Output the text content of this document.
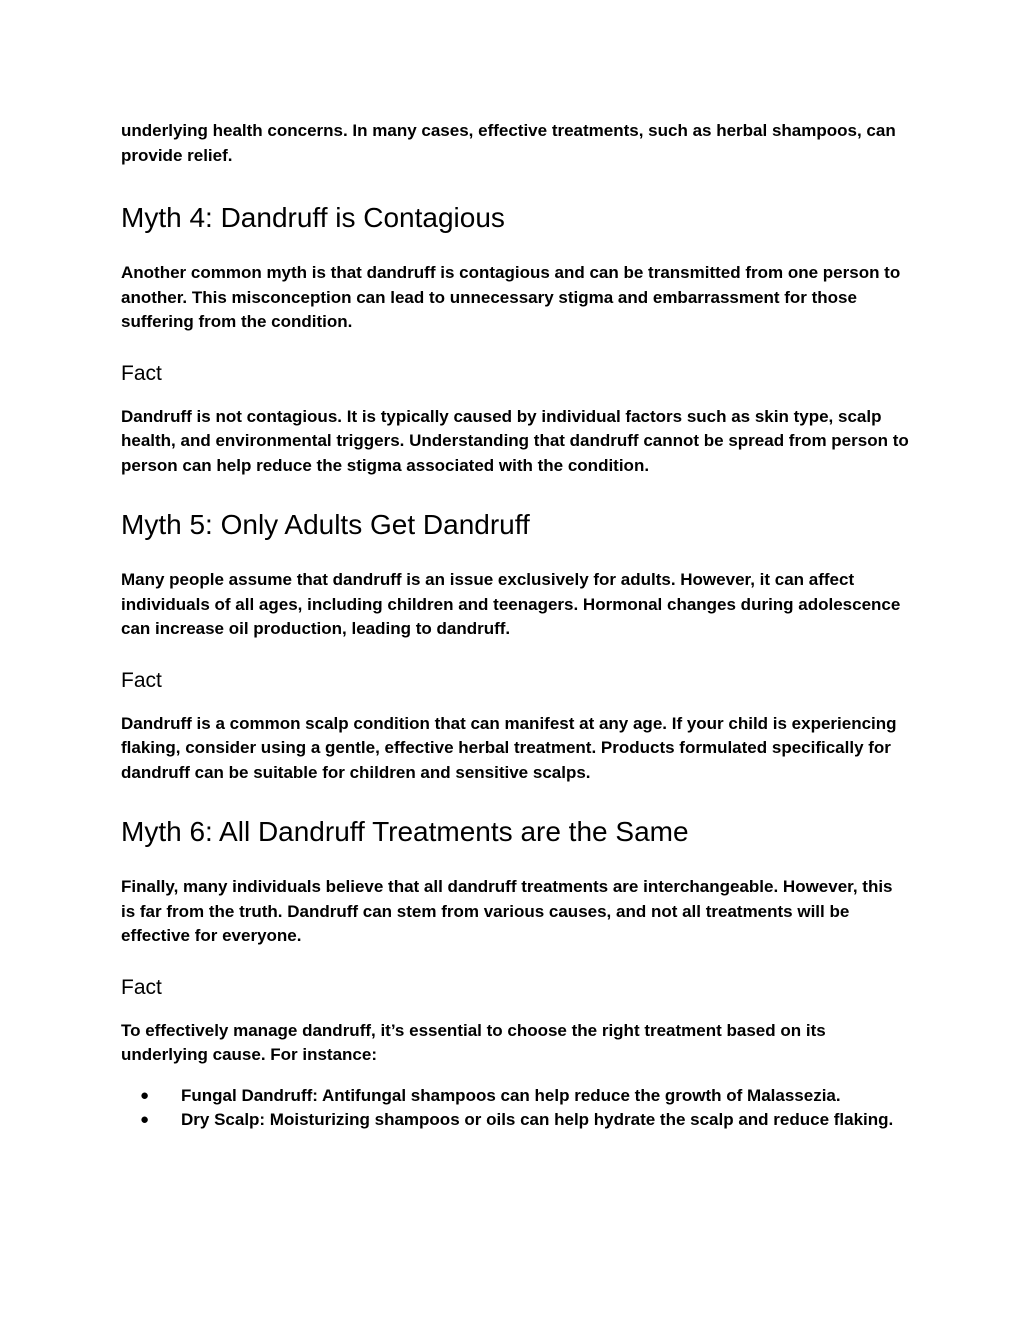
underlying health concerns. In many cases, effective treatments, such as herbal shampoos, can provide relief.

Myth 4: Dandruff is Contagious

Another common myth is that dandruff is contagious and can be transmitted from one person to another. This misconception can lead to unnecessary stigma and embarrassment for those suffering from the condition.

Fact

Dandruff is not contagious. It is typically caused by individual factors such as skin type, scalp health, and environmental triggers. Understanding that dandruff cannot be spread from person to person can help reduce the stigma associated with the condition.

Myth 5: Only Adults Get Dandruff

Many people assume that dandruff is an issue exclusively for adults. However, it can affect individuals of all ages, including children and teenagers. Hormonal changes during adolescence can increase oil production, leading to dandruff.

Fact

Dandruff is a common scalp condition that can manifest at any age. If your child is experiencing flaking, consider using a gentle, effective herbal treatment. Products formulated specifically for dandruff can be suitable for children and sensitive scalps.

Myth 6: All Dandruff Treatments are the Same

Finally, many individuals believe that all dandruff treatments are interchangeable. However, this is far from the truth. Dandruff can stem from various causes, and not all treatments will be effective for everyone.

Fact

To effectively manage dandruff, it’s essential to choose the right treatment based on its underlying cause. For instance:

● Fungal Dandruff: Antifungal shampoos can help reduce the growth of Malassezia.
● Dry Scalp: Moisturizing shampoos or oils can help hydrate the scalp and reduce flaking.
